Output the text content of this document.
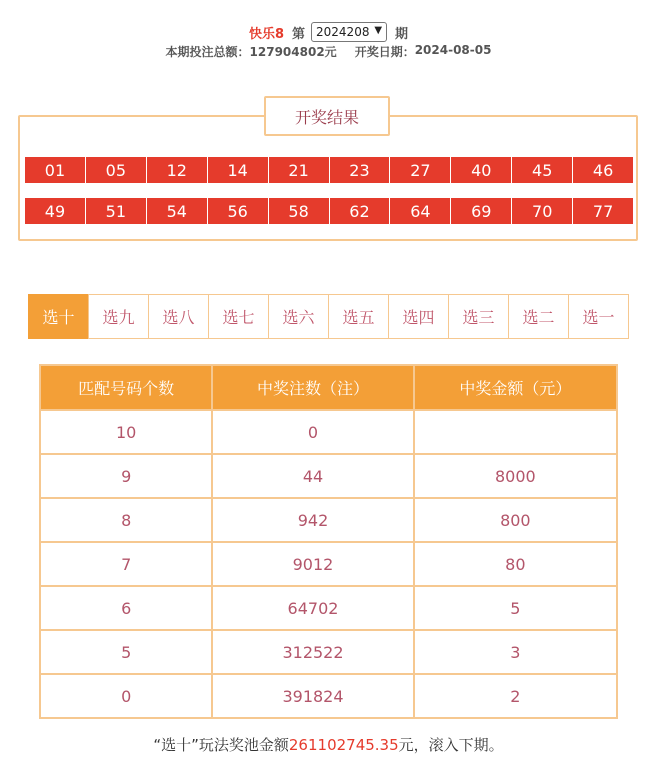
快乐8 第 2024208 ▼ 期
本期投注总额： 127904802元 开奖日期： 2024-08-05
开奖结果
01	05	12	14	21	23	27	40	45	46
49	51	54	56	58	62	64	69	70	77
选十	选九	选八	选七	选六	选五	选四	选三	选二	选一
匹配号码个数	中奖注数（注）	中奖金额（元）
10	0	
9	44	8000
8	942	800
7	9012	80
6	64702	5
5	312522	3
0	391824	2
“选十”玩法奖池金额261102745.35元，滚入下期。
